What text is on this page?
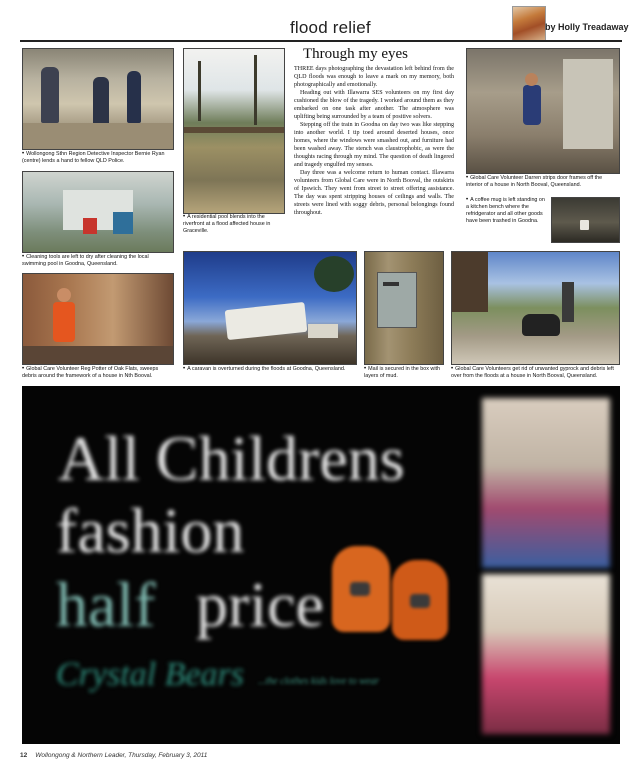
flood relief	by Holly Treadaway
• Wollongong Sthn Region Detective Inspector Bernie Ryan (centre) lends a hand to fellow QLD Police.
• Cleaning tools are left to dry after cleaning the local swimming pool in Goodna, Queensland.
• Global Care Volunteer Reg Potter of Oak Flats, sweeps debris around the framework of a house in Nth Booval.
• A residential pool blends into the riverfront at a flood affected house in Graceville.
Through my eyes

THREE days photographing the devastation left behind from the QLD floods was enough to leave a mark on my memory, both photographically and emotionally.

Heading out with Illawarra SES volunteers on my first day cushioned the blow of the tragedy. I worked around them as they embarked on one task after another. The atmosphere was uplifting being surrounded by a team of positive solvers.

Stepping off the train in Goodna on day two was like stepping into another world. I tip toed around deserted houses, once homes, where the windows were smashed out, and furniture had been washed away. The stench was claustrophobic, as were the thoughts racing through my mind. The question of death lingered and tragedy engulfed my senses.

Day three was a welcome return to human contact. Illawarra volunteers from Global Care were in North Booval, the outskirts of Ipswich. They went from street to street offering assistance. The day was spent stripping houses of ceilings and walls. The streets were lined with soggy debris, personal belongings found throughout.

• Global Care Volunteer Darren strips door frames off the interior of a house in North Booval, Queensland.
• A coffee mug is left standing on a kitchen bench where the refridgerator and all other goods have been trashed in Goodna.
• A caravan is overturned during the floods at Goodna, Queensland.	• Mail is secured in the box with layers of mud.
• Global Care Volunteers get rid of unwanted gyprock and debris left over from the floods at a house in North Booval, Queensland.
All Childrens
fashion
half price
Crystal Bears ...the clothes kids love to wear
12 Wollongong & Northern Leader, Thursday, February 3, 2011
